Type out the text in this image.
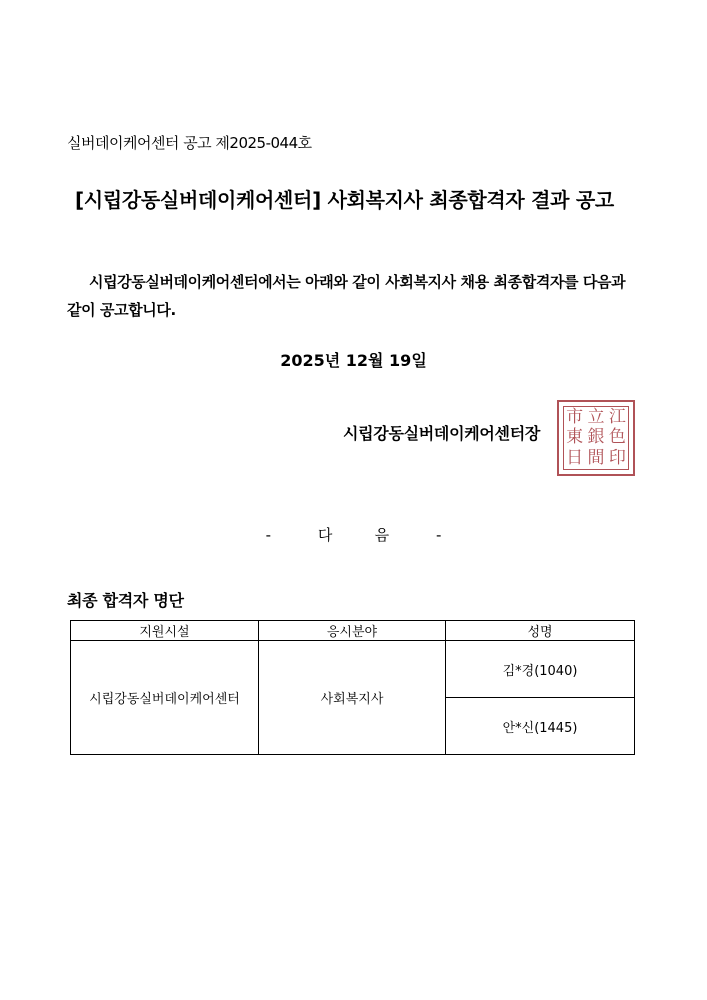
실버데이케어센터 공고 제2025-044호
[시립강동실버데이케어센터] 사회복지사 최종합격자 결과 공고
시립강동실버데이케어센터에서는 아래와 같이 사회복지사 채용 최종합격자를 다음과 같이 공고합니다.
2025년 12월 19일
市 立 江
東 銀 色
日 間 印
시립강동실버데이케어센터장
-	다	음	-
최종 합격자 명단
지원시설	응시분야	성명
시립강동실버데이케어센터	사회복지사	김*경(1040)
		안*신(1445)
